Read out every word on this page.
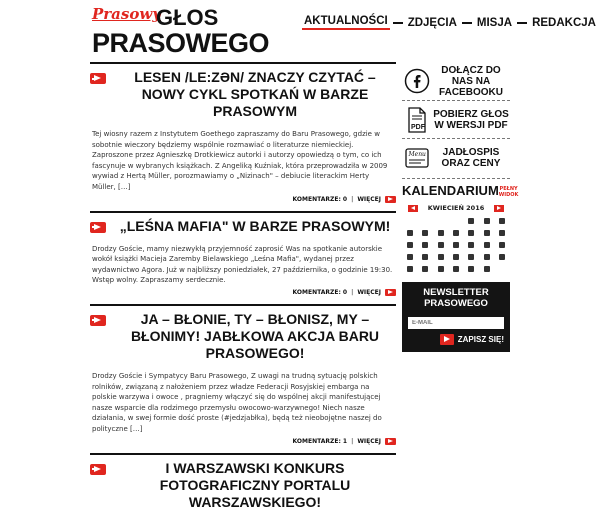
Prasowy
GŁOS
PRASOWEGO
AKTUALNOŚCI ZDJĘCIA MISJA REDAKCJA
LESEN /LE:ZƏN/ ZNACZY CZYTAĆ – NOWY CYKL SPOTKAŃ W BARZE PRASOWYM

Tej wiosny razem z Instytutem Goethego zapraszamy do Baru Prasowego, gdzie w sobotnie wieczory będziemy wspólnie rozmawiać o literaturze niemieckiej. Zaproszone przez Agnieszkę Drotkiewicz autorki i autorzy opowiedzą o tym, co ich fascynuje w wybranych książkach. Z Angeliką Kuźniak, która przeprowadziła w 2009 wywiad z Hertą Müller, porozmawiamy o „Nizinach" – debiucie literackim Herty Müller, […]

KOMENTARZE: 0 | WIĘCEJ
„LEŚNA MAFIA" W BARZE PRASOWYM!

Drodzy Goście, mamy niezwykłą przyjemność zaprosić Was na spotkanie autorskie wokół książki Macieja Zaremby Bielawskiego „Leśna Mafia", wydanej przez wydawnictwo Agora. Już w najbliższy poniedziałek, 27 października, o godzinie 19:30. Wstęp wolny. Zapraszamy serdecznie.

KOMENTARZE: 0 | WIĘCEJ
JA – BŁONIE, TY – BŁONISZ, MY – BŁONIMY! JABŁKOWA AKCJA BARU PRASOWEGO!

Drodzy Goście i Sympatycy Baru Prasowego, Z uwagi na trudną sytuację polskich rolników, związaną z nałożeniem przez władze Federacji Rosyjskiej embarga na polskie warzywa i owoce , pragniemy włączyć się do wspólnej akcji manifestującej nasze wsparcie dla rodzimego przemysłu owocowo-warzywnego! Niech nasze działania, w swej formie dość proste (#jedzjabłka), będą też nieobojętne naszej do polityczne […]

KOMENTARZE: 1 | WIĘCEJ
I WARSZAWSKI KONKURS FOTOGRAFICZNY PORTALU WARSZAWSKIEGO!
DOŁĄCZ DO NAS NA FACEBOOKU
PDF
POBIERZ GŁOS W WERSJI PDF
Menu	JADŁOSPIS ORAZ CENY
KALENDARIUM PEŁNY WIDOK
KWIECIEŃ 2016
NEWSLETTER PRASOWEGO
E-MAIL
ZAPISZ SIĘ!
